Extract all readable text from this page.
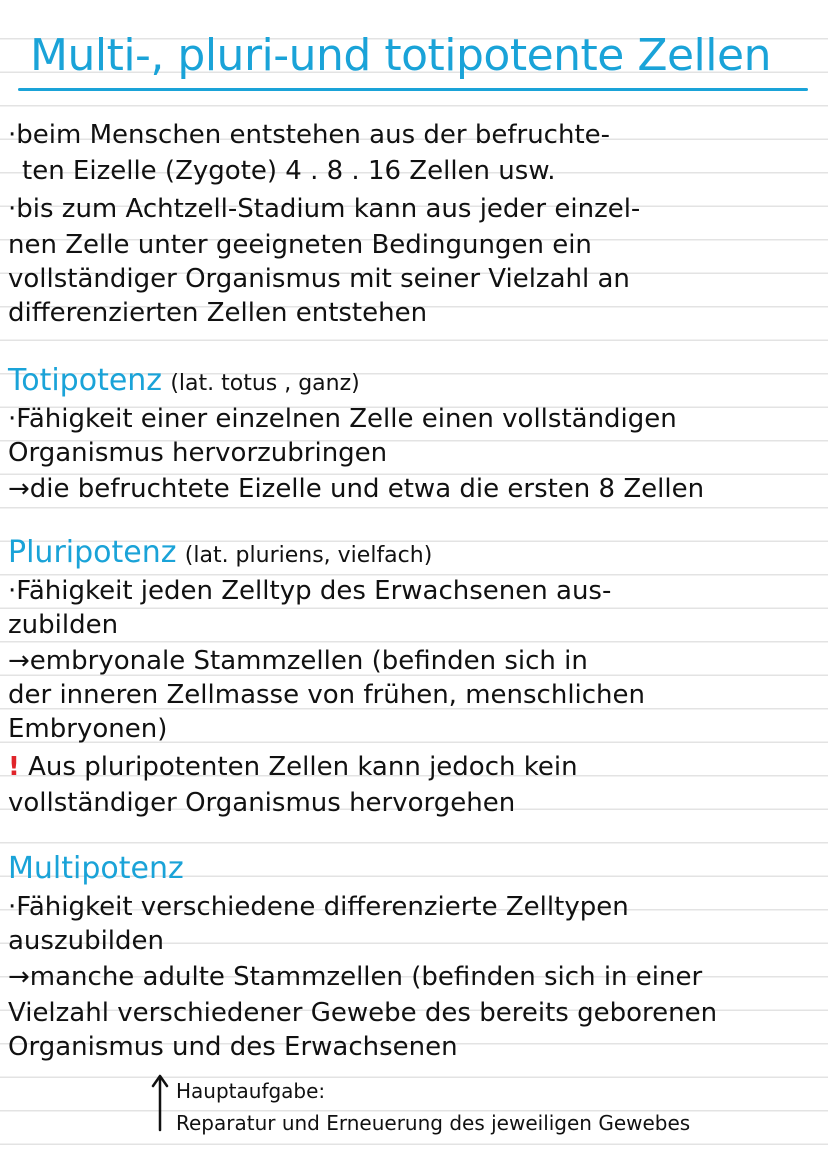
Multi-, pluri-und totipotente Zellen
·beim Menschen entstehen aus der befruchte-
ten Eizelle (Zygote) 4 . 8 . 16 Zellen usw.
·bis zum Achtzell-Stadium kann aus jeder einzel-
nen Zelle unter geeigneten Bedingungen ein
vollständiger Organismus mit seiner Vielzahl an
differenzierten Zellen entstehen
Totipotenz (lat. totus , ganz)
·Fähigkeit einer einzelnen Zelle einen vollständigen
Organismus hervorzubringen
→die befruchtete Eizelle und etwa die ersten 8 Zellen
Pluripotenz (lat. pluriens, vielfach)
·Fähigkeit jeden Zelltyp des Erwachsenen aus-
zubilden
→embryonale Stammzellen (befinden sich in
der inneren Zellmasse von frühen, menschlichen
Embryonen)
! Aus pluripotenten Zellen kann jedoch kein
vollständiger Organismus hervorgehen
Multipotenz
·Fähigkeit verschiedene differenzierte Zelltypen
auszubilden
→manche adulte Stammzellen (befinden sich in einer
Vielzahl verschiedener Gewebe des bereits geborenen
Organismus und des Erwachsenen
Hauptaufgabe:
Reparatur und Erneuerung des jeweiligen Gewebes
